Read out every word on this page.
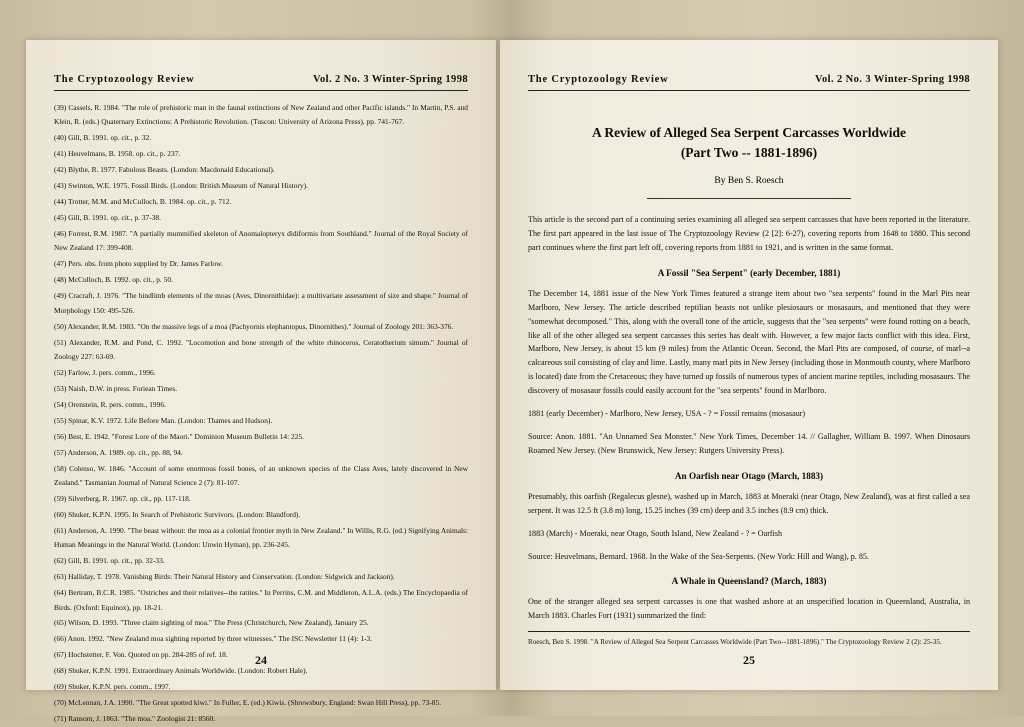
The Cryptozoology Review	Vol. 2 No. 3 Winter-Spring 1998

(39) Cassels, R. 1984. "The role of prehistoric man in the faunal extinctions of New Zealand and other Pacific islands." In Martin, P.S. and Klein, R. (eds.) Quaternary Extinctions: A Prehistoric Revolution. (Tuscon: University of Arizona Press), pp. 741-767.

(40) Gill, B. 1991. op. cit., p. 32.

(41) Heuvelmans, B. 1958. op. cit., p. 237.

(42) Blythe, R. 1977. Fabulous Beasts. (London: Macdonald Educational).

(43) Swinton, W.E. 1975. Fossil Birds. (London: British Museum of Natural History).

(44) Trotter, M.M. and McCulloch, B. 1984. op. cit., p. 712.

(45) Gill, B. 1991. op. cit., p. 37-38.

(46) Forrest, R.M. 1987. "A partially mummified skeleton of Anomalopteryx didiformis from Southland." Journal of the Royal Society of New Zealand 17: 399-408.

(47) Pers. obs. from photo supplied by Dr. James Farlow.

(48) McCulloch, B. 1992. op. cit., p. 50.

(49) Cracraft, J. 1976. "The hindlimb elements of the moas (Aves, Dinornithidae): a multivariate assessment of size and shape." Journal of Morphology 150: 495-526.

(50) Alexander, R.M. 1983. "On the massive legs of a moa (Pachyornis elephantopus, Dinornithes)." Journal of Zoology 201: 363-376.

(51) Alexander, R.M. and Pond, C. 1992. "Locomotion and bone strength of the white rhinoceros, Ceratotherium simum." Journal of Zoology 227: 63-69.

(52) Farlow, J. pers. comm., 1996.

(53) Naish, D.W. in press. Foriean Times.

(54) Orenstein, R. pers. comm., 1996.

(55) Spinar, K.V. 1972. Life Before Man. (London: Thames and Hudson).

(56) Best, E. 1942. "Forest Lore of the Maori." Dominion Museum Bulletin 14: 225.

(57) Anderson, A. 1989. op. cit., pp. 88, 94.

(58) Colenso, W. 1846. "Account of some enormous fossil bones, of an unknown species of the Class Aves, lately discovered in New Zealand." Tasmanian Journal of Natural Science 2 (7): 81-107.

(59) Silverberg, R. 1967. op. cit., pp. 117-118.

(60) Shuker, K.P.N. 1995. In Search of Prehistoric Survivors. (London: Blandford).

(61) Anderson, A. 1990. "The beast without: the moa as a colonial frontier myth in New Zealand." In Willis, R.G. (ed.) Signifying Animals: Human Meanings in the Natural World. (London: Unwin Hyman), pp. 236-245.

(62) Gill, B. 1991. op. cit., pp. 32-33.

(63) Halliday, T. 1978. Vanishing Birds: Their Natural History and Conservation. (London: Sidgwick and Jackson).

(64) Bertram, B.C.R. 1985. "Ostriches and their relatives--the ratites." In Perrins, C.M. and Middleton, A.L.A. (eds.) The Encyclopaedia of Birds. (Oxford: Equinox), pp. 18-21.

(65) Wilson, D. 1993. "Three claim sighting of moa." The Press (Christchurch, New Zealand), January 25.

(66) Anon. 1992. "New Zealand moa sighting reported by three witnesses." The ISC Newsletter 11 (4): 1-3.

(67) Hochstetter, F. Von. Quoted on pp. 284-285 of ref. 18.

(68) Shuker, K.P.N. 1991. Extraordinary Animals Worldwide. (London: Robert Hale).

(69) Shuker, K.P.N. pers. comm., 1997.

(70) McLennan, J.A. 1990. "The Great spotted kiwi." In Fuller, E. (ed.) Kiwis. (Shrewsbury, England: Swan Hill Press), pp. 73-85.

(71) Ransom, J. 1863. "The moa." Zoologist 21: 8560.

24
The Cryptozoology Review	Vol. 2 No. 3 Winter-Spring 1998
A Review of Alleged Sea Serpent Carcasses Worldwide
(Part Two -- 1881-1896)
By Ben S. Roesch

This article is the second part of a continuing series examining all alleged sea serpent carcasses that have been reported in the literature. The first part appeared in the last issue of The Cryptozoology Review (2 [2]: 6-27), covering reports from 1648 to 1880. This second part continues where the first part left off, covering reports from 1881 to 1921, and is written in the same format.

A Fossil "Sea Serpent" (early December, 1881)

The December 14, 1881 issue of the New York Times featured a strange item about two "sea serpents" found in the Marl Pits near Marlboro, New Jersey. The article described reptilian beasts not unlike plesiosaurs or mosasaurs, and mentioned that they were "somewhat decomposed." This, along with the overall tone of the article, suggests that the "sea serpents" were found rotting on a beach, like all of the other alleged sea serpent carcasses this series has dealt with. However, a few major facts conflict with this idea. First, Marlboro, New Jersey, is about 15 km (9 miles) from the Atlantic Ocean. Second, the Marl Pits are composed, of course, of marl--a calcareous soil consisting of clay and lime. Lastly, many marl pits in New Jersey (including those in Monmouth county, where Marlboro is located) date from the Cretaceous; they have turned up fossils of numerous types of ancient marine reptiles, including mosasaurs. The discovery of mosasaur fossils could easily account for the "sea serpents" found in Marlboro.

1881 (early December) - Marlboro, New Jersey, USA - ? = Fossil remains (mosasaur)

Source: Anon. 1881. "An Unnamed Sea Monster." New York Times, December 14. // Gallagher, William B. 1997. When Dinosaurs Roamed New Jersey. (New Brunswick, New Jersey: Rutgers University Press).

An Oarfish near Otago (March, 1883)

Presumably, this oarfish (Regalecus glesne), washed up in March, 1883 at Moeraki (near Otago, New Zealand), was at first called a sea serpent. It was 12.5 ft (3.8 m) long, 15.25 inches (39 cm) deep and 3.5 inches (8.9 cm) thick.

1883 (March) - Moeraki, near Otago, South Island, New Zealand - ? = Oarfish

Source: Heuvelmans, Bernard. 1968. In the Wake of the Sea-Serpents. (New York: Hill and Wang), p. 85.

A Whale in Queensland? (March, 1883)

One of the stranger alleged sea serpent carcasses is one that washed ashore at an unspecified location in Queensland, Australia, in March 1883. Charles Fort (1931) summarized the find:

Roesch, Ben S. 1998. "A Review of Alleged Sea Serpent Carcasses Worldwide (Part Two--1881-1896)." The Cryptozoology Review 2 (2): 25-35.
25
